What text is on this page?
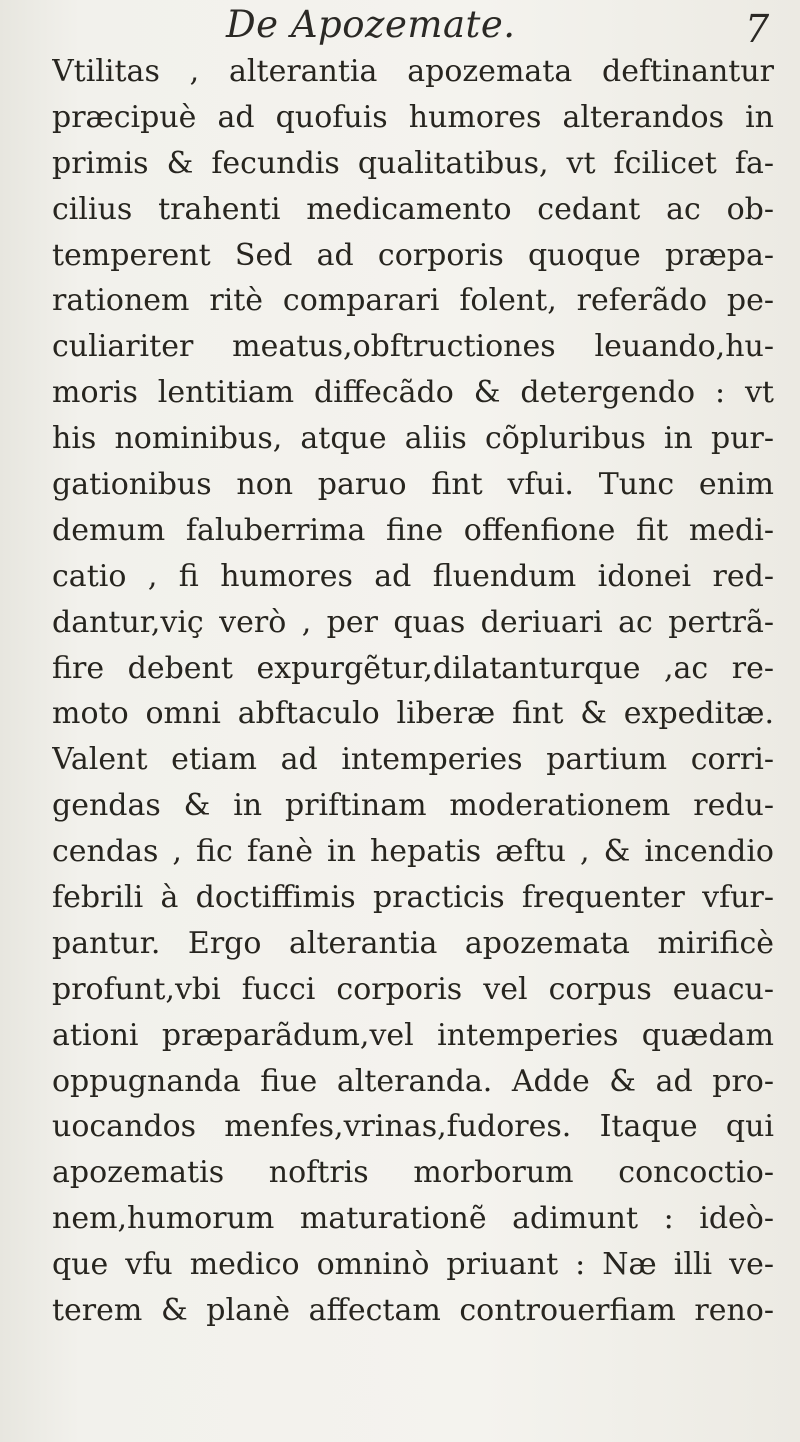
De Apozemate.	7
Vtilitas , alterantia apozemata deftinantur
præcipuè ad quofuis humores alterandos in
primis & fecundis qualitatibus, vt fcilicet fa-
cilius trahenti medicamento cedant ac ob-
temperent Sed ad corporis quoque præpa-
rationem ritè comparari folent, referãdo pe-
culiariter meatus,obftructiones leuando,hu-
moris lentitiam diffecãdo & detergendo : vt
his nominibus, atque aliis cõpluribus in pur-
gationibus non paruo fint vfui. Tunc enim
demum faluberrima fine offenfione fit medi-
catio , fi humores ad fluendum idonei red-
dantur,viç verò , per quas deriuari ac pertrã-
fire debent expurgẽtur,dilatanturque ,ac re-
moto omni abftaculo liberæ fint & expeditæ.
Valent etiam ad intemperies partium corri-
gendas & in priftinam moderationem redu-
cendas , fic fanè in hepatis æftu , & incendio
febrili à doctiffimis practicis frequenter vfur-
pantur. Ergo alterantia apozemata mirificè
profunt,vbi fucci corporis vel corpus euacu-
ationi præparãdum,vel intemperies quædam
oppugnanda fiue alteranda. Adde & ad pro-
uocandos menfes,vrinas,fudores. Itaque qui
apozematis noftris morborum concoctio-
nem,humorum maturationẽ adimunt : ideò-
que vfu medico omninò priuant : Næ illi ve-
terem & planè affectam controuerfiam reno-
